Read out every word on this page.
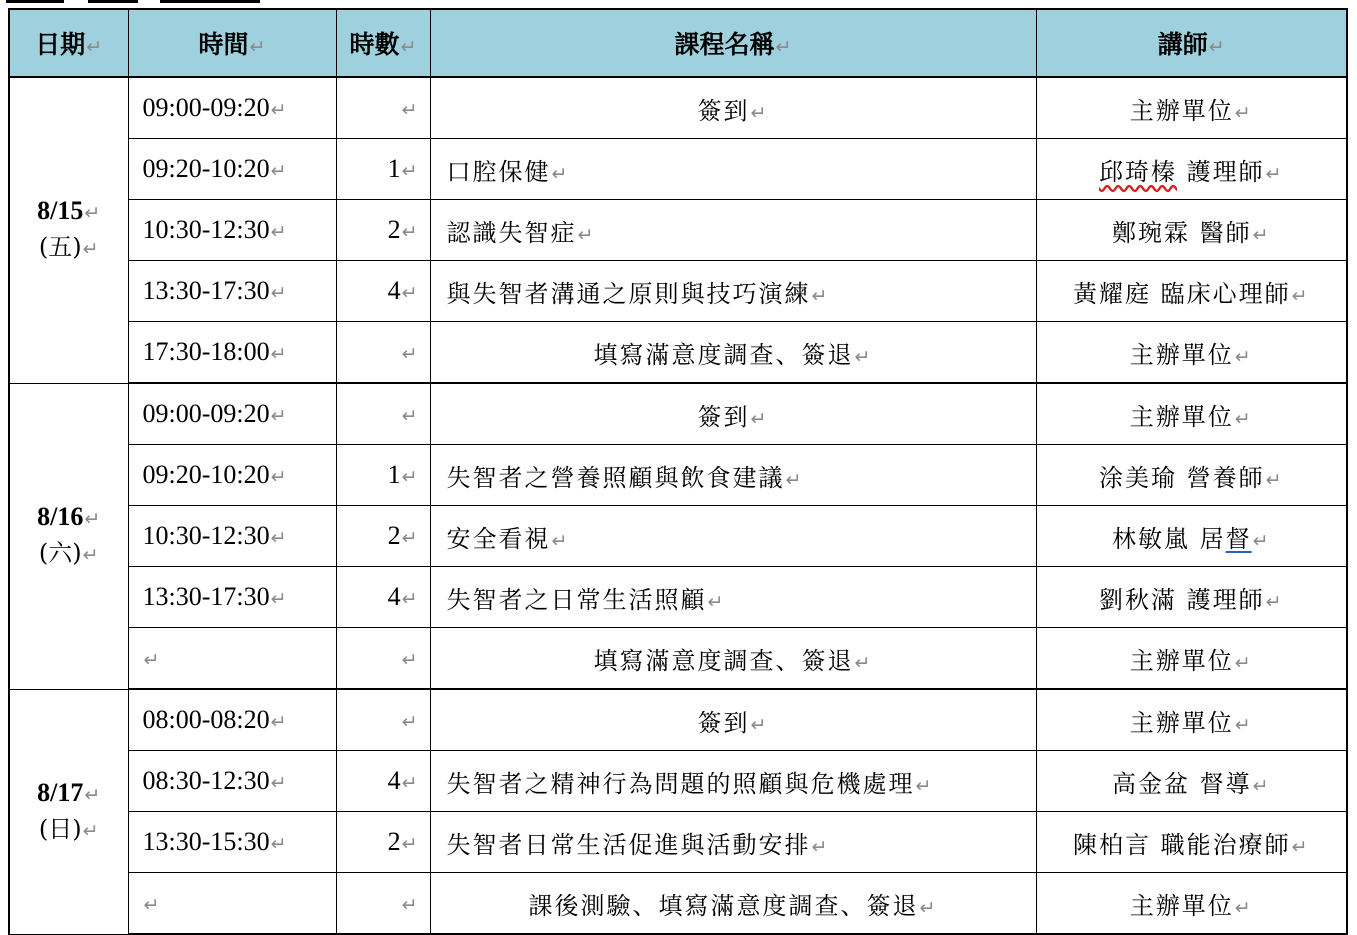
日期↵	時間↵	時數↵	課程名稱↵	講師↵

8/15↵
(五)↵	09:00-09:20↵	↵	簽到↵	主辦單位↵
	09:20-10:20↵	1↵	口腔保健↵	邱琦榛 護理師↵
	10:30-12:30↵	2↵	認識失智症↵	鄭琬霖 醫師↵
	13:30-17:30↵	4↵	與失智者溝通之原則與技巧演練↵	黃耀庭 臨床心理師↵
	17:30-18:00↵	↵	填寫滿意度調查、簽退↵	主辦單位↵

8/16↵
(六)↵	09:00-09:20↵	↵	簽到↵	主辦單位↵
	09:20-10:20↵	1↵	失智者之營養照顧與飲食建議↵	涂美瑜 營養師↵
	10:30-12:30↵	2↵	安全看視↵	林敏嵐 居督↵
	13:30-17:30↵	4↵	失智者之日常生活照顧↵	劉秋滿 護理師↵
	↵	↵	填寫滿意度調查、簽退↵	主辦單位↵

8/17↵
(日)↵	08:00-08:20↵	↵	簽到↵	主辦單位↵
	08:30-12:30↵	4↵	失智者之精神行為問題的照顧與危機處理↵	高金盆 督導↵
	13:30-15:30↵	2↵	失智者日常生活促進與活動安排↵	陳柏言 職能治療師↵
	↵	↵	課後測驗、填寫滿意度調查、簽退↵	主辦單位↵
